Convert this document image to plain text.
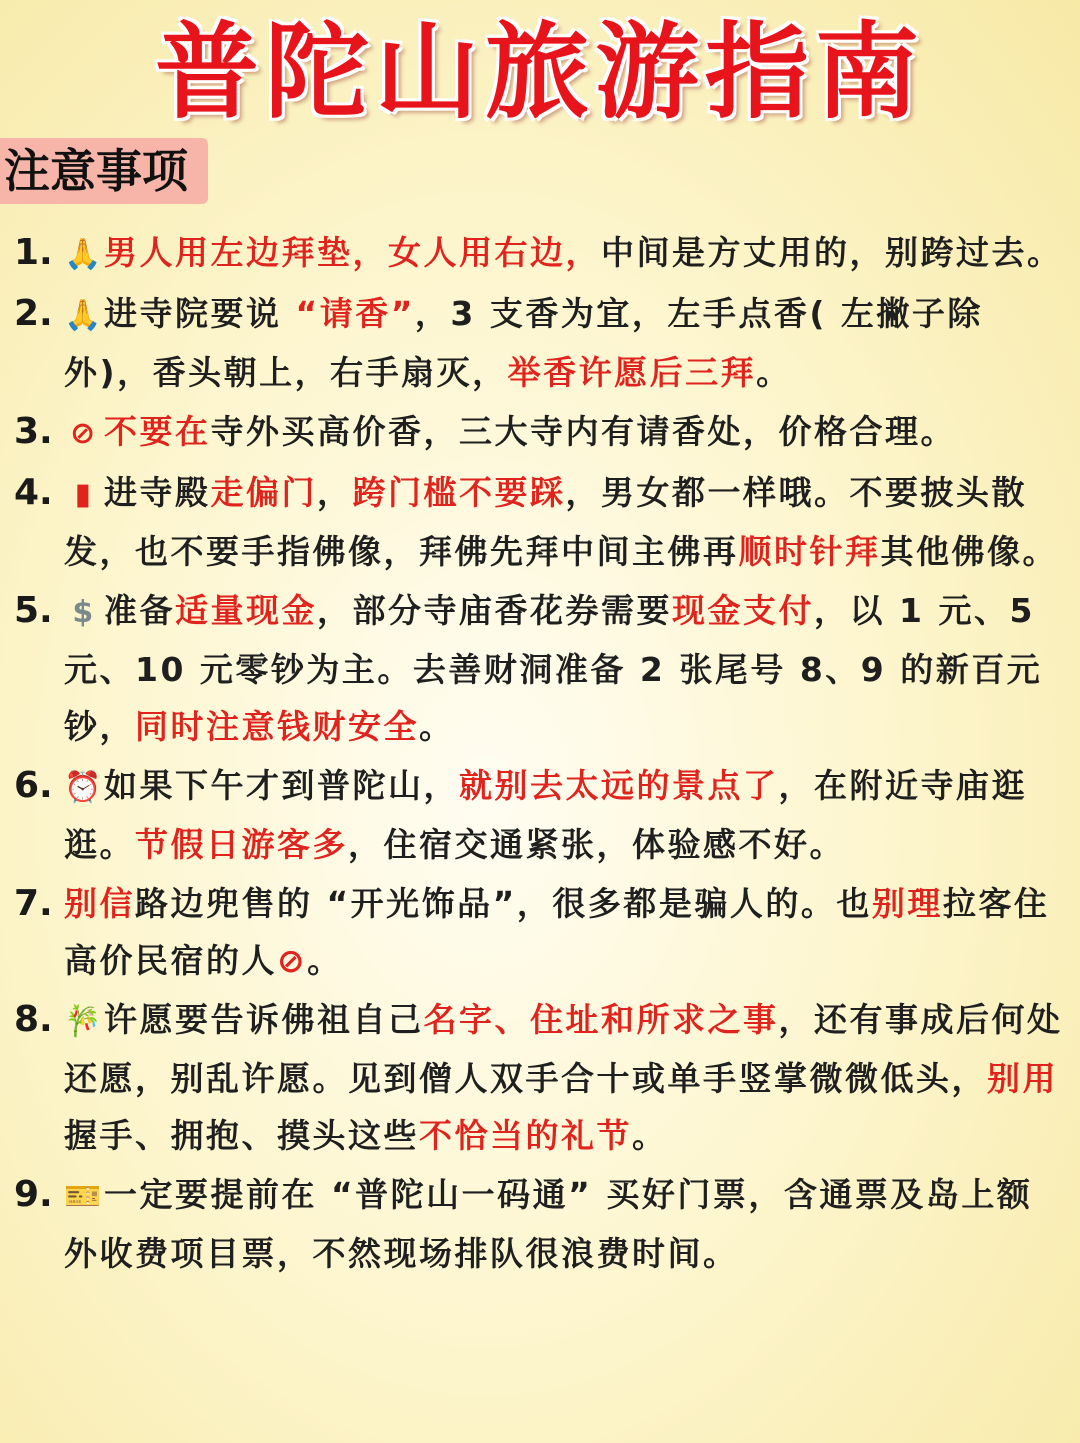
普陀山旅游指南
注意事项
1. 🙏男人用左边拜垫，女人用右边，中间是方丈用的，别跨过去。
2. 🙏进寺院要说 “请香”，3 支香为宜，左手点香( 左撇子除外)，香头朝上，右手扇灭，举香许愿后三拜。
3. ⊘ 不要在寺外买高价香，三大寺内有请香处，价格合理。
4. ▮ 进寺殿走偏门，跨门槛不要踩，男女都一样哦。不要披头散发，也不要手指佛像，拜佛先拜中间主佛再顺时针拜其他佛像。
5. $ 准备适量现金，部分寺庙香花券需要现金支付，以 1 元、5 元、10 元零钞为主。去善财洞准备 2 张尾号 8、9 的新百元钞，同时注意钱财安全。
6. ⏰如果下午才到普陀山，就别去太远的景点了，在附近寺庙逛逛。节假日游客多，住宿交通紧张，体验感不好。
7. 别信路边兜售的 “开光饰品”，很多都是骗人的。也别理拉客住高价民宿的人⊘。
8. 🎋许愿要告诉佛祖自己名字、住址和所求之事，还有事成后何处还愿，别乱许愿。见到僧人双手合十或单手竖掌微微低头，别用握手、拥抱、摸头这些不恰当的礼节。
9. 🎫一定要提前在 “普陀山一码通” 买好门票，含通票及岛上额外收费项目票，不然现场排队很浪费时间。
